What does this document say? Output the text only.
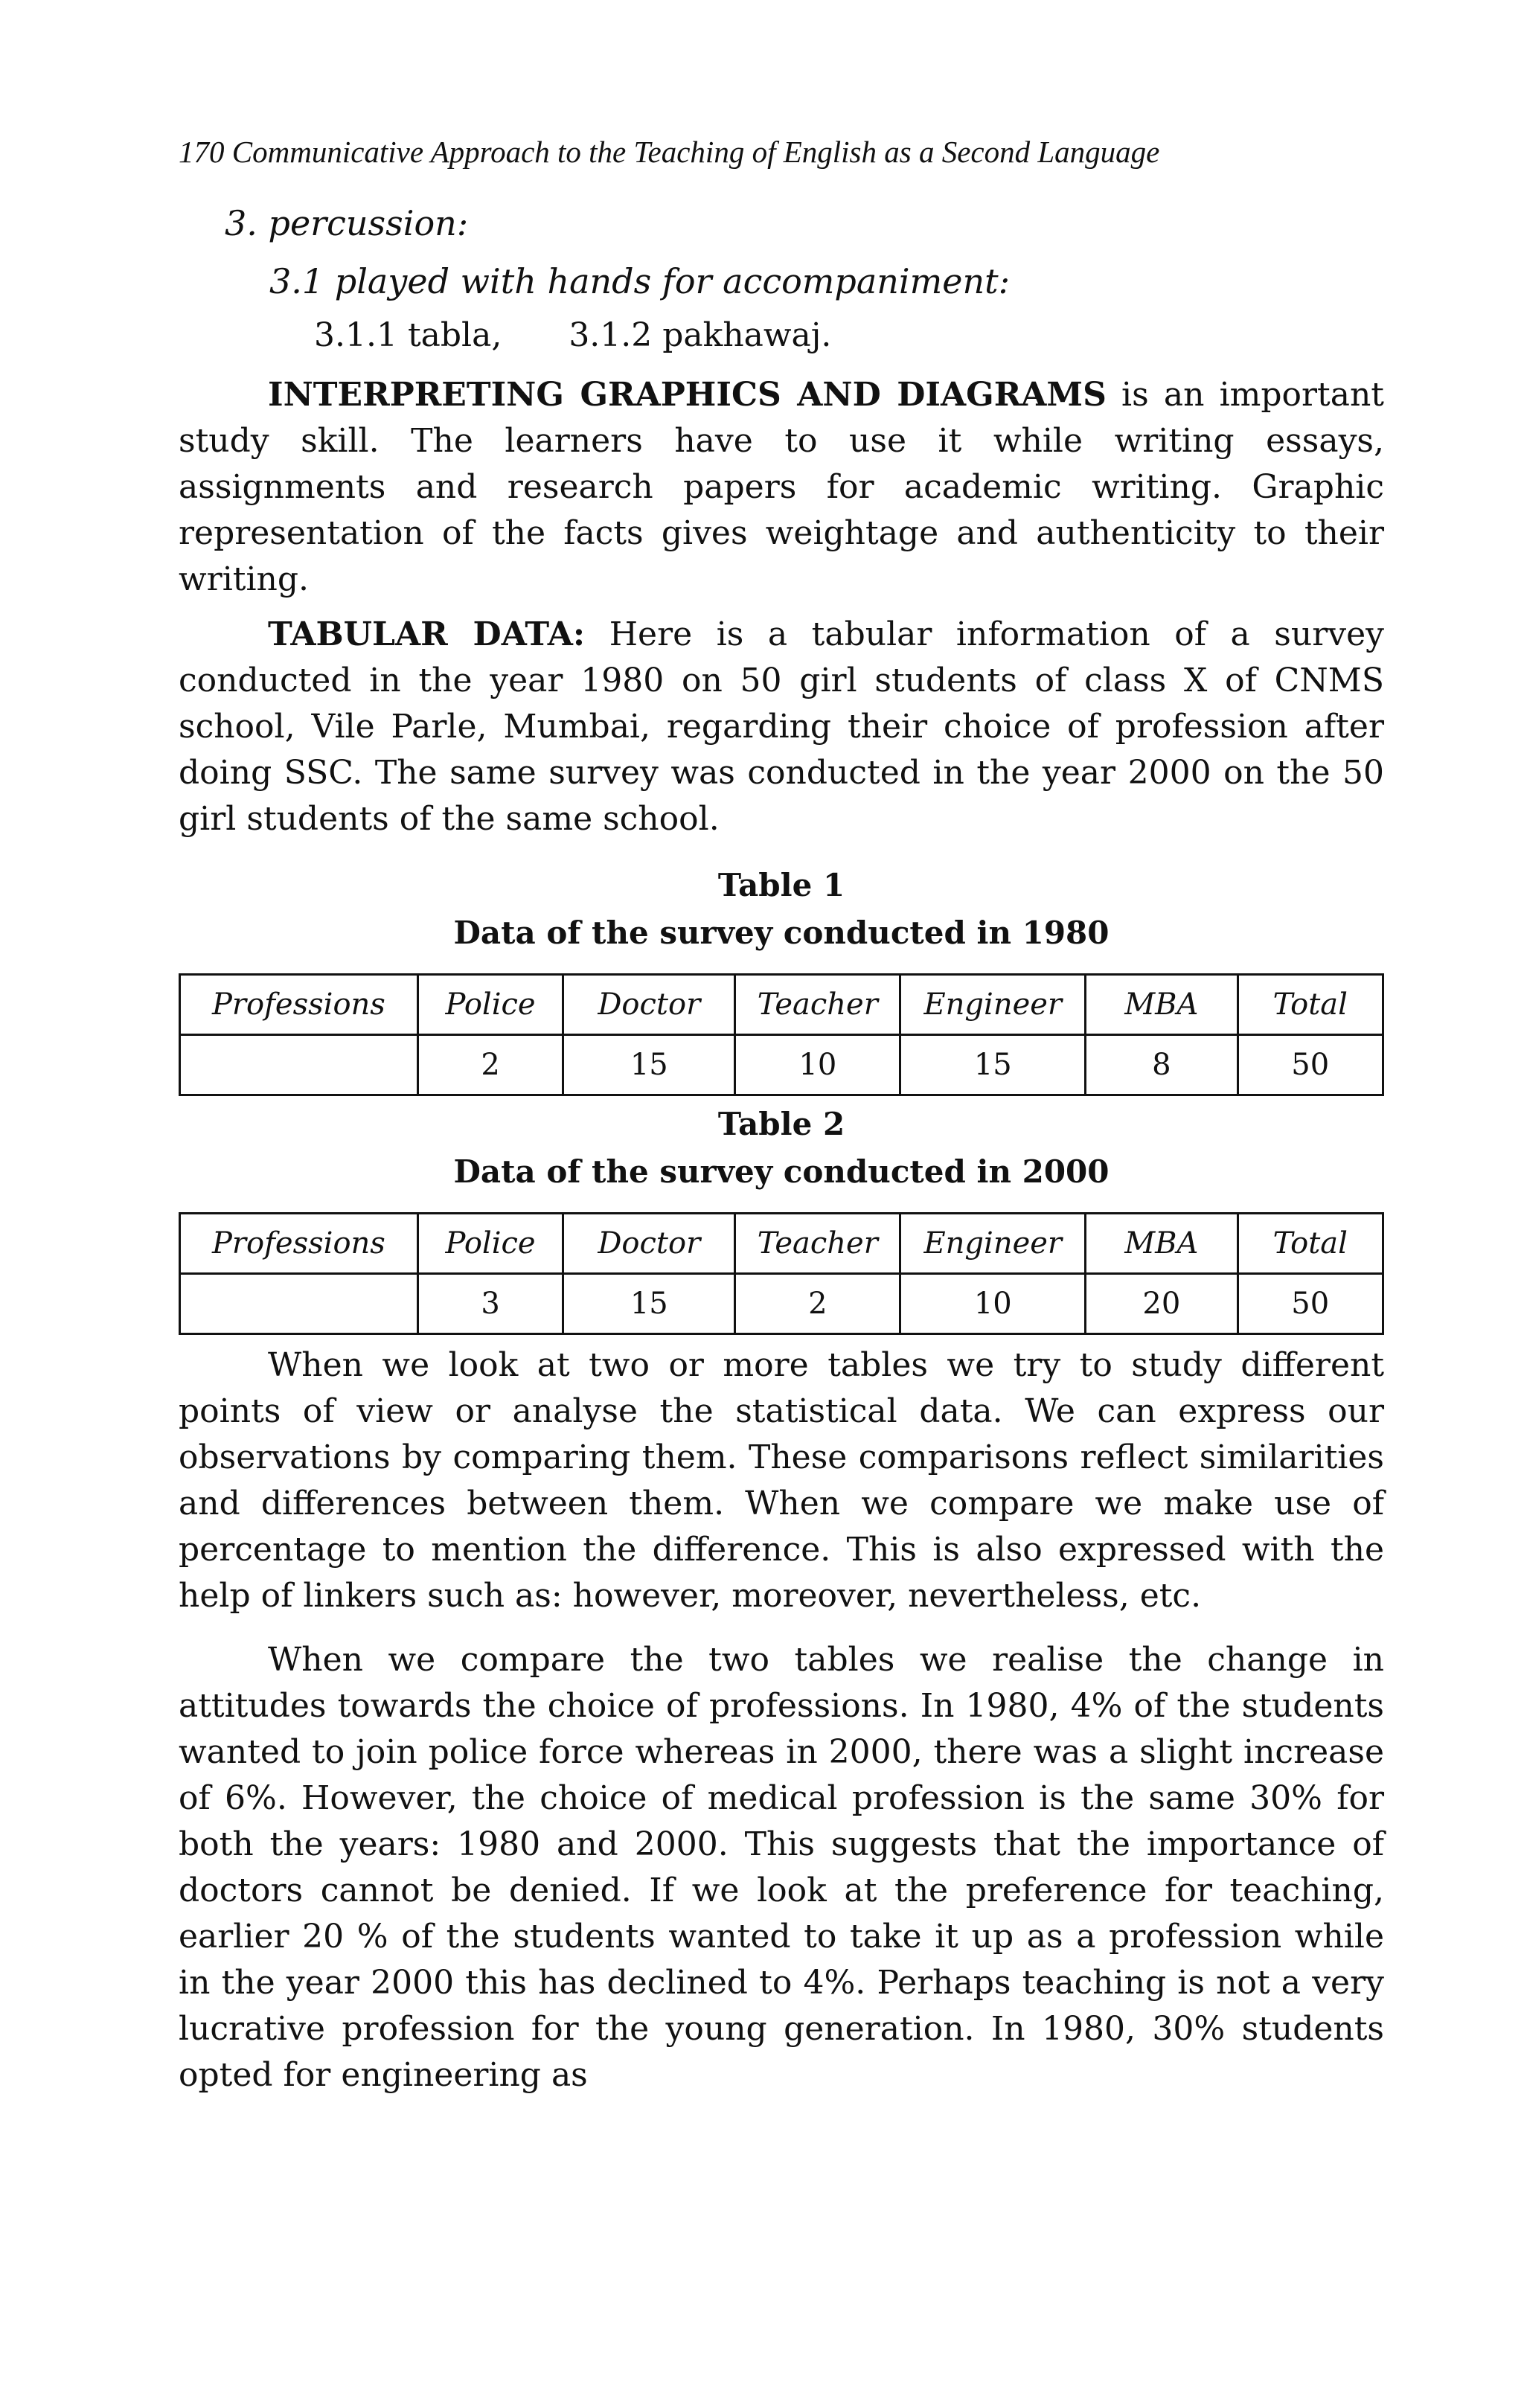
170 Communicative Approach to the Teaching of English as a Second Language
3. percussion:
3.1 played with hands for accompaniment:
3.1.1 tabla, 3.1.2 pakhawaj.

INTERPRETING GRAPHICS AND DIAGRAMS is an important study skill. The learners have to use it while writing essays, assignments and research papers for academic writing. Graphic representation of the facts gives weightage and authenticity to their writing.

TABULAR DATA: Here is a tabular information of a survey conducted in the year 1980 on 50 girl students of class X of CNMS school, Vile Parle, Mumbai, regarding their choice of profession after doing SSC. The same survey was conducted in the year 2000 on the 50 girl students of the same school.

Table 1
Data of the survey conducted in 1980
Professions	Police	Doctor	Teacher	Engineer	MBA	Total
	2	15	10	15	8	50
Table 2
Data of the survey conducted in 2000
Professions	Police	Doctor	Teacher	Engineer	MBA	Total
	3	15	2	10	20	50

When we look at two or more tables we try to study different points of view or analyse the statistical data. We can express our observations by comparing them. These comparisons reflect similarities and differences between them. When we compare we make use of percentage to mention the difference. This is also expressed with the help of linkers such as: however, moreover, nevertheless, etc.

When we compare the two tables we realise the change in attitudes towards the choice of professions. In 1980, 4% of the students wanted to join police force whereas in 2000, there was a slight increase of 6%. However, the choice of medical profession is the same 30% for both the years: 1980 and 2000. This suggests that the importance of doctors cannot be denied. If we look at the preference for teaching, earlier 20 % of the students wanted to take it up as a profession while in the year 2000 this has declined to 4%. Perhaps teaching is not a very lucrative profession for the young generation. In 1980, 30% students opted for engineering as
